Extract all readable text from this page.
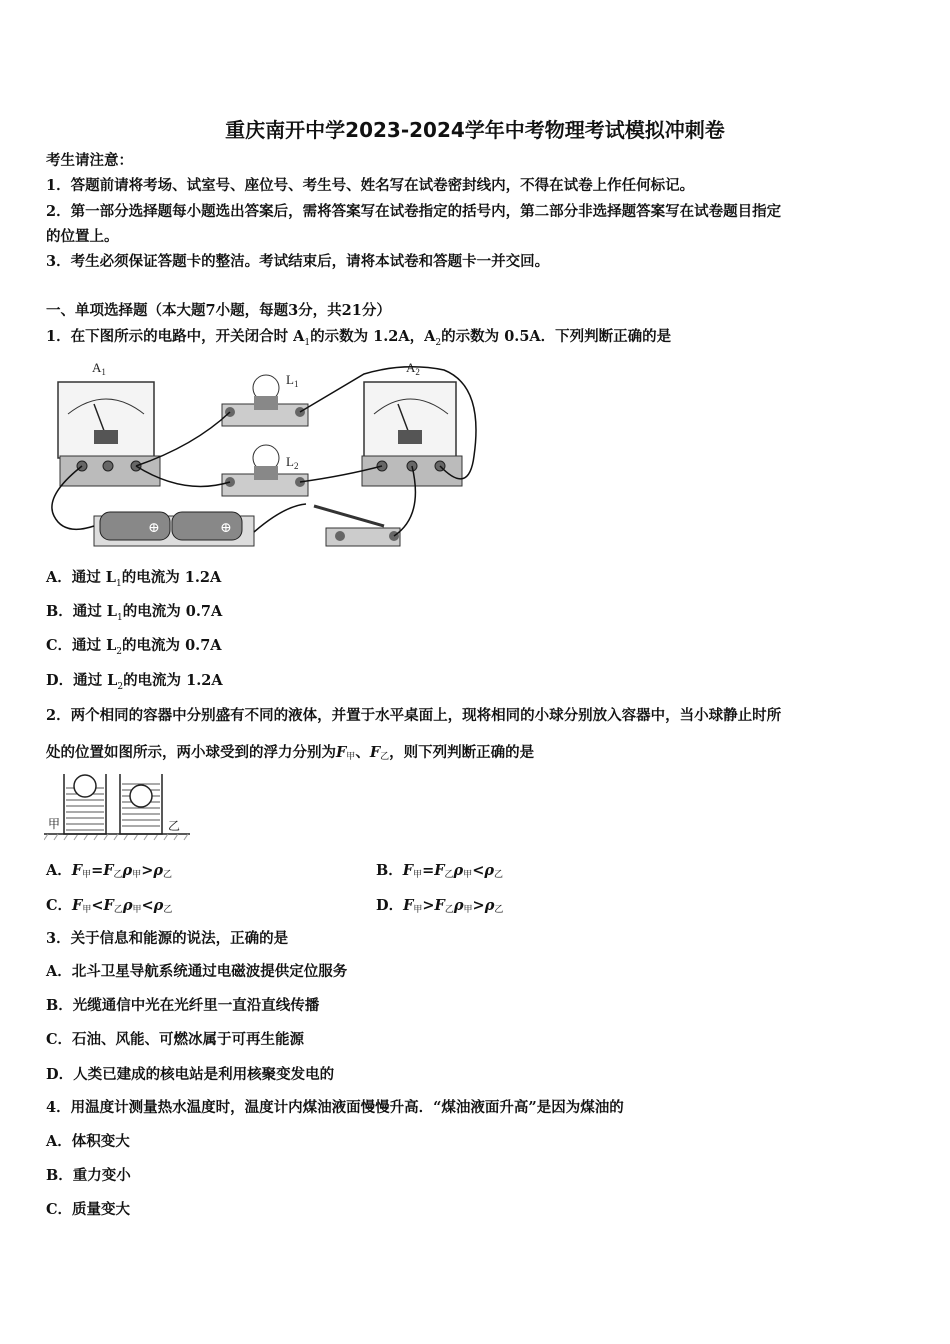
重庆南开中学2023-2024学年中考物理考试模拟冲刺卷
考生请注意：
1．答题前请将考场、试室号、座位号、考生号、姓名写在试卷密封线内，不得在试卷上作任何标记。
2．第一部分选择题每小题选出答案后，需将答案写在试卷指定的括号内，第二部分非选择题答案写在试卷题目指定
的位置上。
3．考生必须保证答题卡的整洁。考试结束后，请将本试卷和答题卡一并交回。
一、单项选择题（本大题7小题，每题3分，共21分）
1．在下图所示的电路中，开关闭合时 $A_1$的示数为 1.2A，$A_2$的示数为 0.5A．下列判断正确的是
$A_1$	$A_2$
$L_1$
$L_2$
⊕	⊕
A．通过 $L_1$的电流为 1.2A
B．通过 $L_1$的电流为 0.7A
C．通过 $L_2$的电流为 0.7A
D．通过 $L_2$的电流为 1.2A
2．两个相同的容器中分别盛有不同的液体，并置于水平桌面上，现将相同的小球分别放入容器中，当小球静止时所
处的位置如图所示，两小球受到的浮力分别为F甲、F乙，则下列判断正确的是
甲	乙
A．F甲=F乙ρ甲>ρ乙	B．F甲=F乙ρ甲<ρ乙
C．F甲<F乙ρ甲<ρ乙	D．F甲>F乙ρ甲>ρ乙
3．关于信息和能源的说法，正确的是
A．北斗卫星导航系统通过电磁波提供定位服务
B．光缆通信中光在光纤里一直沿直线传播
C．石油、风能、可燃冰属于可再生能源
D．人类已建成的核电站是利用核聚变发电的
4．用温度计测量热水温度时，温度计内煤油液面慢慢升高．“煤油液面升高”是因为煤油的
A．体积变大
B．重力变小
C．质量变大
